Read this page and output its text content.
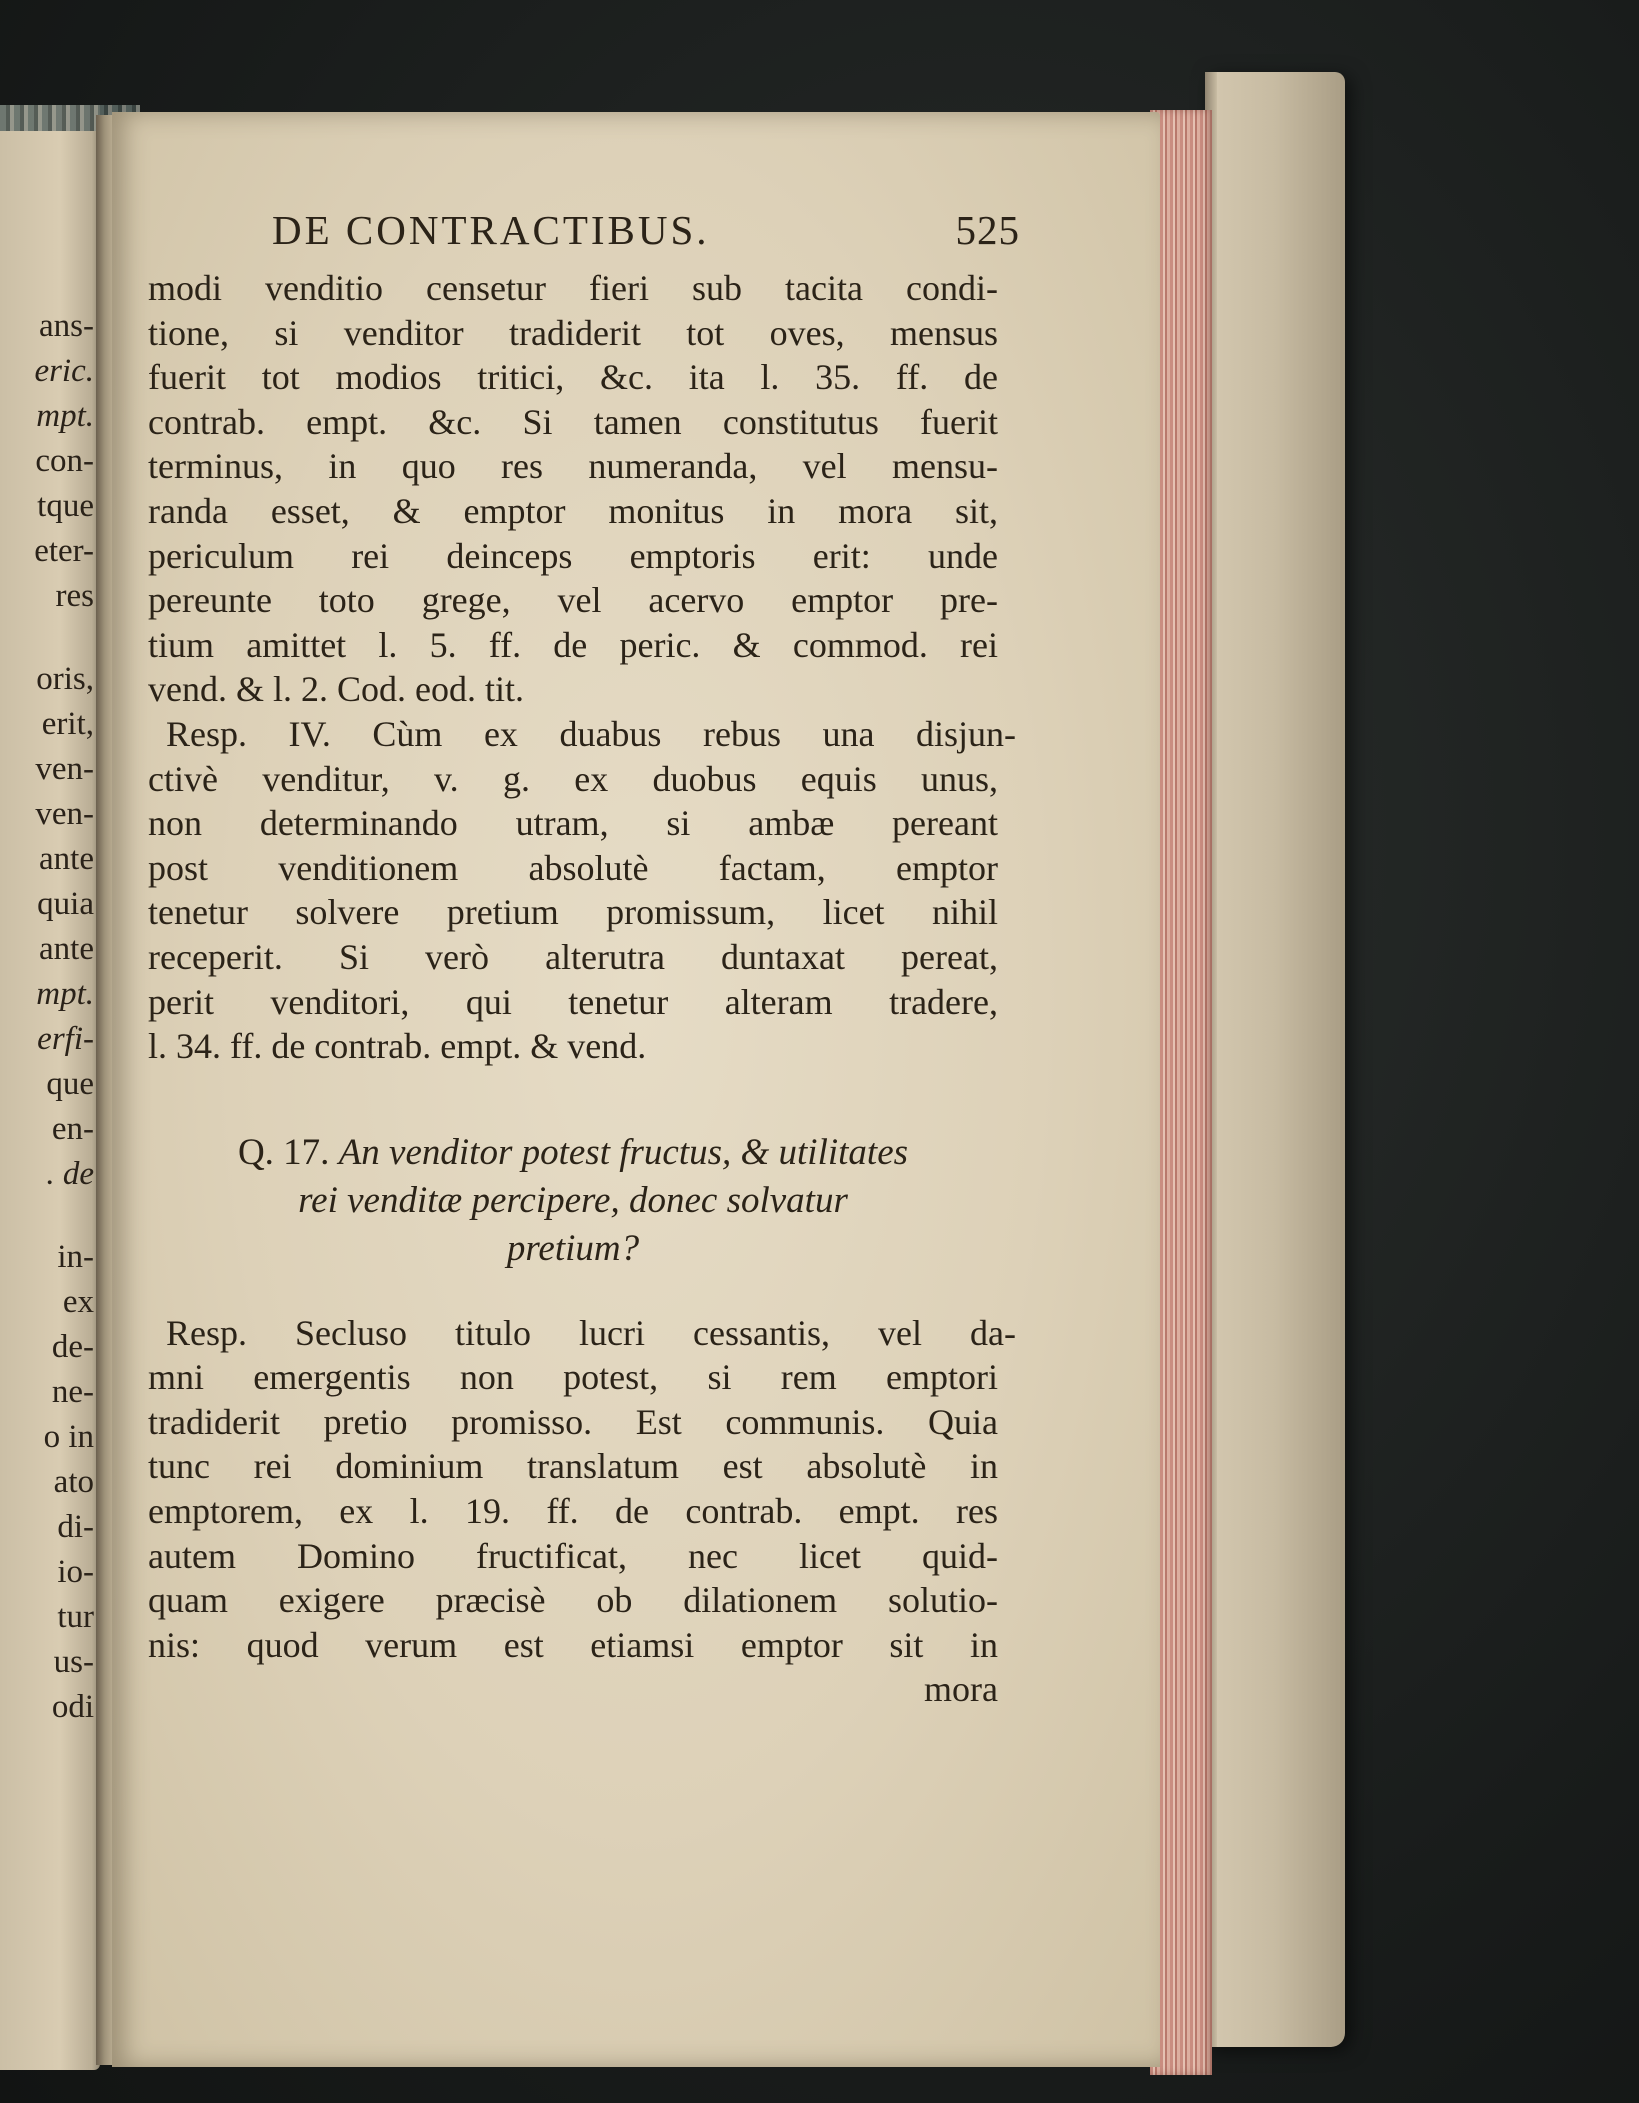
ans-
eric.
mpt.
con-
tque
eter-
res
oris,
erit,
ven-
ven-
ante
quia
ante
mpt.
erfi-
que
en-
. de
in-
ex
de-
ne-
o in
ato
di-
io-
tur
us-
odi
DE CONTRACTIBUS.	525
modi venditio censetur fieri sub tacita condi-
tione, si venditor tradiderit tot oves, mensus
fuerit tot modios tritici, &c. ita l. 35. ff. de
contrab. empt. &c. Si tamen constitutus fuerit
terminus, in quo res numeranda, vel mensu-
randa esset, & emptor monitus in mora sit,
periculum rei deinceps emptoris erit: unde
pereunte toto grege, vel acervo emptor pre-
tium amittet l. 5. ff. de peric. & commod. rei
vend. & l. 2. Cod. eod. tit.
Resp. IV. Cùm ex duabus rebus una disjun-
ctivè venditur, v. g. ex duobus equis unus,
non determinando utram, si ambæ pereant
post venditionem absolutè factam, emptor
tenetur solvere pretium promissum, licet nihil
receperit. Si verò alterutra duntaxat pereat,
perit venditori, qui tenetur alteram tradere,
l. 34. ff. de contrab. empt. & vend.
Q. 17. An venditor potest fructus, & utilitates
rei venditæ percipere, donec solvatur
pretium?
Resp. Secluso titulo lucri cessantis, vel da-
mni emergentis non potest, si rem emptori
tradiderit pretio promisso. Est communis. Quia
tunc rei dominium translatum est absolutè in
emptorem, ex l. 19. ff. de contrab. empt. res
autem Domino fructificat, nec licet quid-
quam exigere præcisè ob dilationem solutio-
nis: quod verum est etiamsi emptor sit in
mora
